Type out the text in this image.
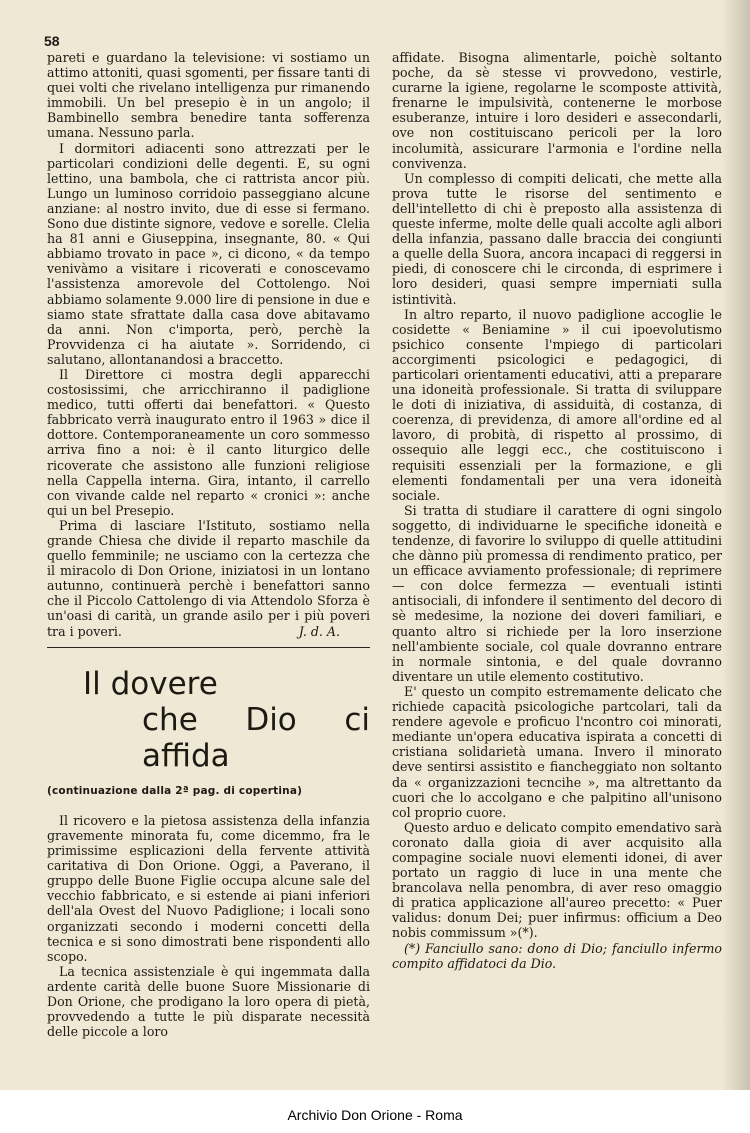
58

pareti e guardano la televisione: vi sostiamo un attimo attoniti, quasi sgomenti, per fissare tanti di quei volti che rivelano intelligenza pur rimanendo immobili. Un bel presepio è in un angolo; il Bambinello sembra benedire tanta sofferenza umana. Nessuno parla.

I dormitori adiacenti sono attrezzati per le particolari condizioni delle degenti. E, su ogni lettino, una bambola, che ci rattrista ancor più. Lungo un luminoso corridoio passeggiano alcune anziane: al nostro invito, due di esse si fermano. Sono due distinte signore, vedove e sorelle. Clelia ha 81 anni e Giuseppina, insegnante, 80. « Qui abbiamo trovato in pace », ci dicono, « da tempo venivàmo a visitare i ricoverati e conoscevamo l'assistenza amorevole del Cottolengo. Noi abbiamo solamente 9.000 lire di pensione in due e siamo state sfrattate dalla casa dove abitavamo da anni. Non c'importa, però, perchè la Provvidenza ci ha aiutate ». Sorridendo, ci salutano, allontanandosi a braccetto.

Il Direttore ci mostra degli apparecchi costosissimi, che arricchiranno il padiglione medico, tutti offerti dai benefattori. « Questo fabbricato verrà inaugurato entro il 1963 » dice il dottore. Contemporaneamente un coro sommesso arriva fino a noi: è il canto liturgico delle ricoverate che assistono alle funzioni religiose nella Cappella interna. Gira, intanto, il carrello con vivande calde nel reparto « cronici »: anche qui un bel Presepio.

Prima di lasciare l'Istituto, sostiamo nella grande Chiesa che divide il reparto maschile da quello femminile; ne usciamo con la certezza che il miracolo di Don Orione, iniziatosi in un lontano autunno, continuerà perchè i benefattori sanno che il Piccolo Cattolengo di via Attendolo Sforza è un'oasi di carità, un grande asilo per i più poveri tra i poveri.	J. d. A.
Il dovere
che Dio ci affida
(continuazione dalla 2ª pag. di copertina)

Il ricovero e la pietosa assistenza della infanzia gravemente minorata fu, come dicemmo, fra le primissime esplicazioni della fervente attività caritativa di Don Orione. Oggi, a Paverano, il gruppo delle Buone Figlie occupa alcune sale del vecchio fabbricato, e si estende ai piani inferiori dell'ala Ovest del Nuovo Padiglione; i locali sono organizzati secondo i moderni concetti della tecnica e si sono dimostrati bene rispondenti allo scopo.

La tecnica assistenziale è qui ingemmata dalla ardente carità delle buone Suore Missionarie di Don Orione, che prodigano la loro opera di pietà, provvedendo a tutte le più disparate necessità delle piccole a loro

affidate. Bisogna alimentarle, poichè soltanto poche, da sè stesse vi provvedono, vestirle, curarne la igiene, regolarne le scomposte attività, frenarne le impulsività, contenerne le morbose esuberanze, intuire i loro desideri e assecondarli, ove non costituiscano pericoli per la loro incolumità, assicurare l'armonia e l'ordine nella convivenza.

Un complesso di compiti delicati, che mette alla prova tutte le risorse del sentimento e dell'intelletto di chi è preposto alla assistenza di queste inferme, molte delle quali accolte agli albori della infanzia, passano dalle braccia dei congiunti a quelle della Suora, ancora incapaci di reggersi in piedi, di conoscere chi le circonda, di esprimere i loro desideri, quasi sempre imperniati sulla istintività.

In altro reparto, il nuovo padiglione accoglie le cosidette « Beniamine » il cui ipoevolutismo psichico consente l'mpiego di particolari accorgimenti psicologici e pedagogici, di particolari orientamenti educativi, atti a preparare una idoneità professionale. Si tratta di sviluppare le doti di iniziativa, di assiduità, di costanza, di coerenza, di previdenza, di amore all'ordine ed al lavoro, di probità, di rispetto al prossimo, di ossequio alle leggi ecc., che costituiscono i requisiti essenziali per la formazione, e gli elementi fondamentali per una vera idoneità sociale.

Si tratta di studiare il carattere di ogni singolo soggetto, di individuarne le specifiche idoneità e tendenze, di favorire lo sviluppo di quelle attitudini che dànno più promessa di rendimento pratico, per un efficace avviamento professionale; di reprimere — con dolce fermezza — eventuali istinti antisociali, di infondere il sentimento del decoro di sè medesime, la nozione dei doveri familiari, e quanto altro si richiede per la loro inserzione nell'ambiente sociale, col quale dovranno entrare in normale sintonia, e del quale dovranno diventare un utile elemento costitutivo.

E' questo un compito estremamente delicato che richiede capacità psicologiche partcolari, tali da rendere agevole e proficuo l'ncontro coi minorati, mediante un'opera educativa ispirata a concetti di cristiana solidarietà umana. Invero il minorato deve sentirsi assistito e fiancheggiato non soltanto da « organizzazioni tecncihe », ma altrettanto da cuori che lo accolgano e che palpitino all'unisono col proprio cuore.

Questo arduo e delicato compito emendativo sarà coronato dalla gioia di aver acquisito alla compagine sociale nuovi elementi idonei, di aver portato un raggio di luce in una mente che brancolava nella penombra, di aver reso omaggio di pratica applicazione all'aureo precetto: « Puer validus: donum Dei; puer infirmus: officium a Deo nobis commissum »(*).

(*) Fanciullo sano: dono di Dio; fanciullo infermo compito affidatoci da Dio.

Archivio Don Orione - Roma
